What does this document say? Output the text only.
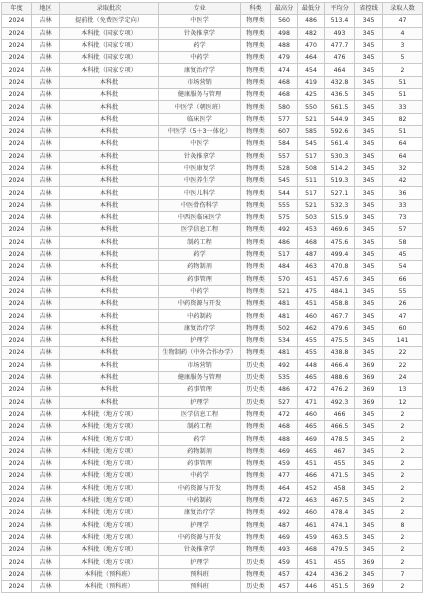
年度	地区	录取批次	专业	科类	最高分	最低分	平均分	省控线	录取人数
2024	吉林	提前批（免费医学定向）	中医学	物理类	560	486	513.4	345	47
2024	吉林	本科批（国家专项）	针灸推拿学	物理类	498	482	493	345	4
2024	吉林	本科批（国家专项）	药学	物理类	488	470	477.7	345	3
2024	吉林	本科批（国家专项）	中药学	物理类	479	464	476	345	5
2024	吉林	本科批（国家专项）	康复治疗学	物理类	474	454	464	345	2
2024	吉林	本科批	市场营销	物理类	468	419	432.8	345	51
2024	吉林	本科批	健康服务与管理	物理类	468	425	436.5	345	51
2024	吉林	本科批	中医学（朝医班）	物理类	580	550	561.5	345	33
2024	吉林	本科批	临床医学	物理类	577	521	544.9	345	82
2024	吉林	本科批	中医学（5＋3一体化）	物理类	607	585	592.6	345	51
2024	吉林	本科批	中医学	物理类	584	545	561.4	345	64
2024	吉林	本科批	针灸推拿学	物理类	557	517	530.3	345	64
2024	吉林	本科批	中医康复学	物理类	528	508	514.2	345	32
2024	吉林	本科批	中医养生学	物理类	545	511	519.3	345	42
2024	吉林	本科批	中医儿科学	物理类	544	517	527.1	345	36
2024	吉林	本科批	中医骨伤科学	物理类	555	521	532.3	345	33
2024	吉林	本科批	中西医临床医学	物理类	575	503	515.9	345	73
2024	吉林	本科批	医学信息工程	物理类	492	453	469.6	345	57
2024	吉林	本科批	制药工程	物理类	486	468	475.6	345	58
2024	吉林	本科批	药学	物理类	517	487	499.4	345	45
2024	吉林	本科批	药物制剂	物理类	484	463	470.8	345	54
2024	吉林	本科批	药事管理	物理类	570	451	457.6	345	66
2024	吉林	本科批	中药学	物理类	521	475	484.1	345	55
2024	吉林	本科批	中药资源与开发	物理类	481	451	458.8	345	26
2024	吉林	本科批	中药制药	物理类	481	460	467.7	345	47
2024	吉林	本科批	康复治疗学	物理类	502	462	479.6	345	60
2024	吉林	本科批	护理学	物理类	534	455	475.5	345	141
2024	吉林	本科批	生物制药（中外合作办学）	物理类	481	455	438.8	345	22
2024	吉林	本科批	市场营销	历史类	492	448	466.4	369	22
2024	吉林	本科批	健康服务与管理	历史类	535	465	488.6	369	24
2024	吉林	本科批	药事管理	历史类	486	472	476.2	369	13
2024	吉林	本科批	护理学	历史类	527	471	492.3	369	12
2024	吉林	本科批（地方专项）	医学信息工程	物理类	472	460	466	345	2
2024	吉林	本科批（地方专项）	制药工程	物理类	468	465	466.5	345	2
2024	吉林	本科批（地方专项）	药学	物理类	488	469	478.5	345	2
2024	吉林	本科批（地方专项）	药物制剂	物理类	469	465	467	345	2
2024	吉林	本科批（地方专项）	药事管理	物理类	459	451	455	345	2
2024	吉林	本科批（地方专项）	中药学	物理类	477	466	471.5	345	2
2024	吉林	本科批（地方专项）	中药资源与开发	物理类	464	452	458	345	2
2024	吉林	本科批（地方专项）	中药制药	物理类	472	463	467.5	345	2
2024	吉林	本科批（地方专项）	康复治疗学	物理类	492	460	478.4	345	2
2024	吉林	本科批（地方专项）	护理学	物理类	487	461	474.1	345	8
2024	吉林	本科批（地方专项）	中药资源与开发	物理类	469	459	463.5	345	2
2024	吉林	本科批（地方专项）	针灸推拿学	物理类	493	468	479.5	345	2
2024	吉林	本科批（地方专项）	护理学	历史类	459	451	455	369	2
2024	吉林	本科批（预科班）	预科班	物理类	457	424	436.2	345	7
2024	吉林	本科批（预科班）	预科班	历史类	457	446	451.5	369	2
